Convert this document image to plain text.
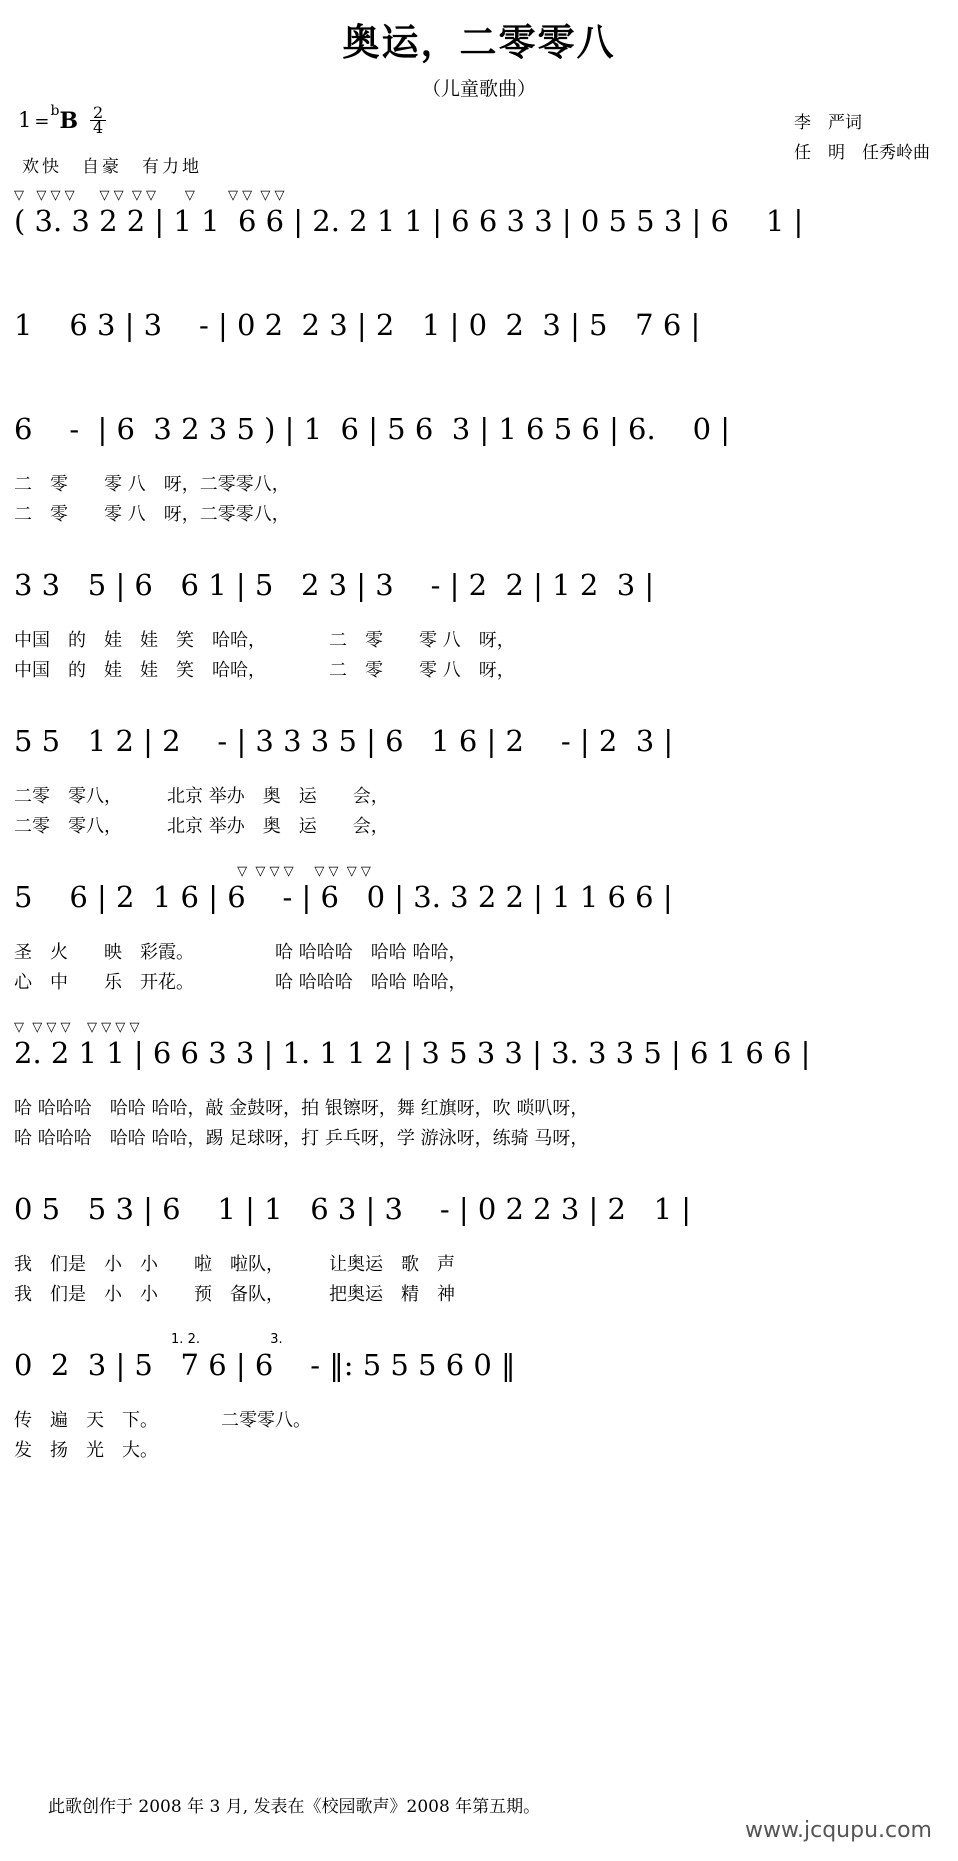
奥运，二零零八
（儿童歌曲）
1 = b B $\frac{2}{4}$
欢快　自豪　有力地
李　严词
任　明　任秀岭曲
▽   ▽ ▽ ▽      ▽ ▽  ▽ ▽       ▽        ▽ ▽  ▽ ▽
( 3. 3 2 2 | 1 1  6 6 | 2. 2 1 1 | 6 6 3 3 | 0 5 5 3 | 6    1 |
1    6 3 | 3    - | 0 2  2 3 | 2   1 | 0  2  3 | 5   7 6 |
6    -  | 6  3 2 3 5 ) | 1  6 | 5 6  3 | 1 6 5 6 | 6.    0 |
二　零　　零 八　呀，二零零八，
二　零　　零 八　呀，二零零八，
3 3   5 | 6   6 1 | 5   2 3 | 3    - | 2  2 | 1 2  3 |
中国　的　娃　娃　笑　哈哈，　　　　二　零　　零 八　呀，
中国　的　娃　娃　笑　哈哈，　　　　二　零　　零 八　呀，
5 5   1 2 | 2    - | 3 3 3 5 | 6   1 6 | 2    - | 2  3 |
二零　零八，　　　北京 举办　奥　运　　会，
二零　零八，　　　北京 举办　奥　运　　会，
▽  ▽ ▽ ▽     ▽ ▽  ▽ ▽
5    6 | 2  1 6 | 6    - | 6   0 | 3. 3 2 2 | 1 1 6 6 |
圣　火　　映　彩霞。　　　　　哈 哈哈哈　哈哈 哈哈，
心　中　　乐　开花。　　　　　哈 哈哈哈　哈哈 哈哈，
▽  ▽ ▽ ▽    ▽ ▽ ▽ ▽
2. 2 1 1 | 6 6 3 3 | 1. 1 1 2 | 3 5 3 3 | 3. 3 3 5 | 6 1 6 6 |
哈 哈哈哈　哈哈 哈哈，敲 金鼓呀，拍 银镲呀，舞 红旗呀，吹 唢叭呀，
哈 哈哈哈　哈哈 哈哈，踢 足球呀，打 乒乓呀，学 游泳呀，练骑 马呀，
0 5   5 3 | 6    1 | 1   6 3 | 3    - | 0 2 2 3 | 2   1 |
我　们是　小　小　　啦　啦队，　　　让奥运　歌　声
我　们是　小　小　　预　备队，　　　把奥运　精　神
1. 2.                 3.
0  2  3 | 5   7 6 | 6    - ‖: 5 5 5 6 0 ‖
传　遍　天　下。　　　　二零零八。
发　扬　光　大。
此歌创作于 2008 年 3 月, 发表在《校园歌声》2008 年第五期。
www.jcqupu.com
